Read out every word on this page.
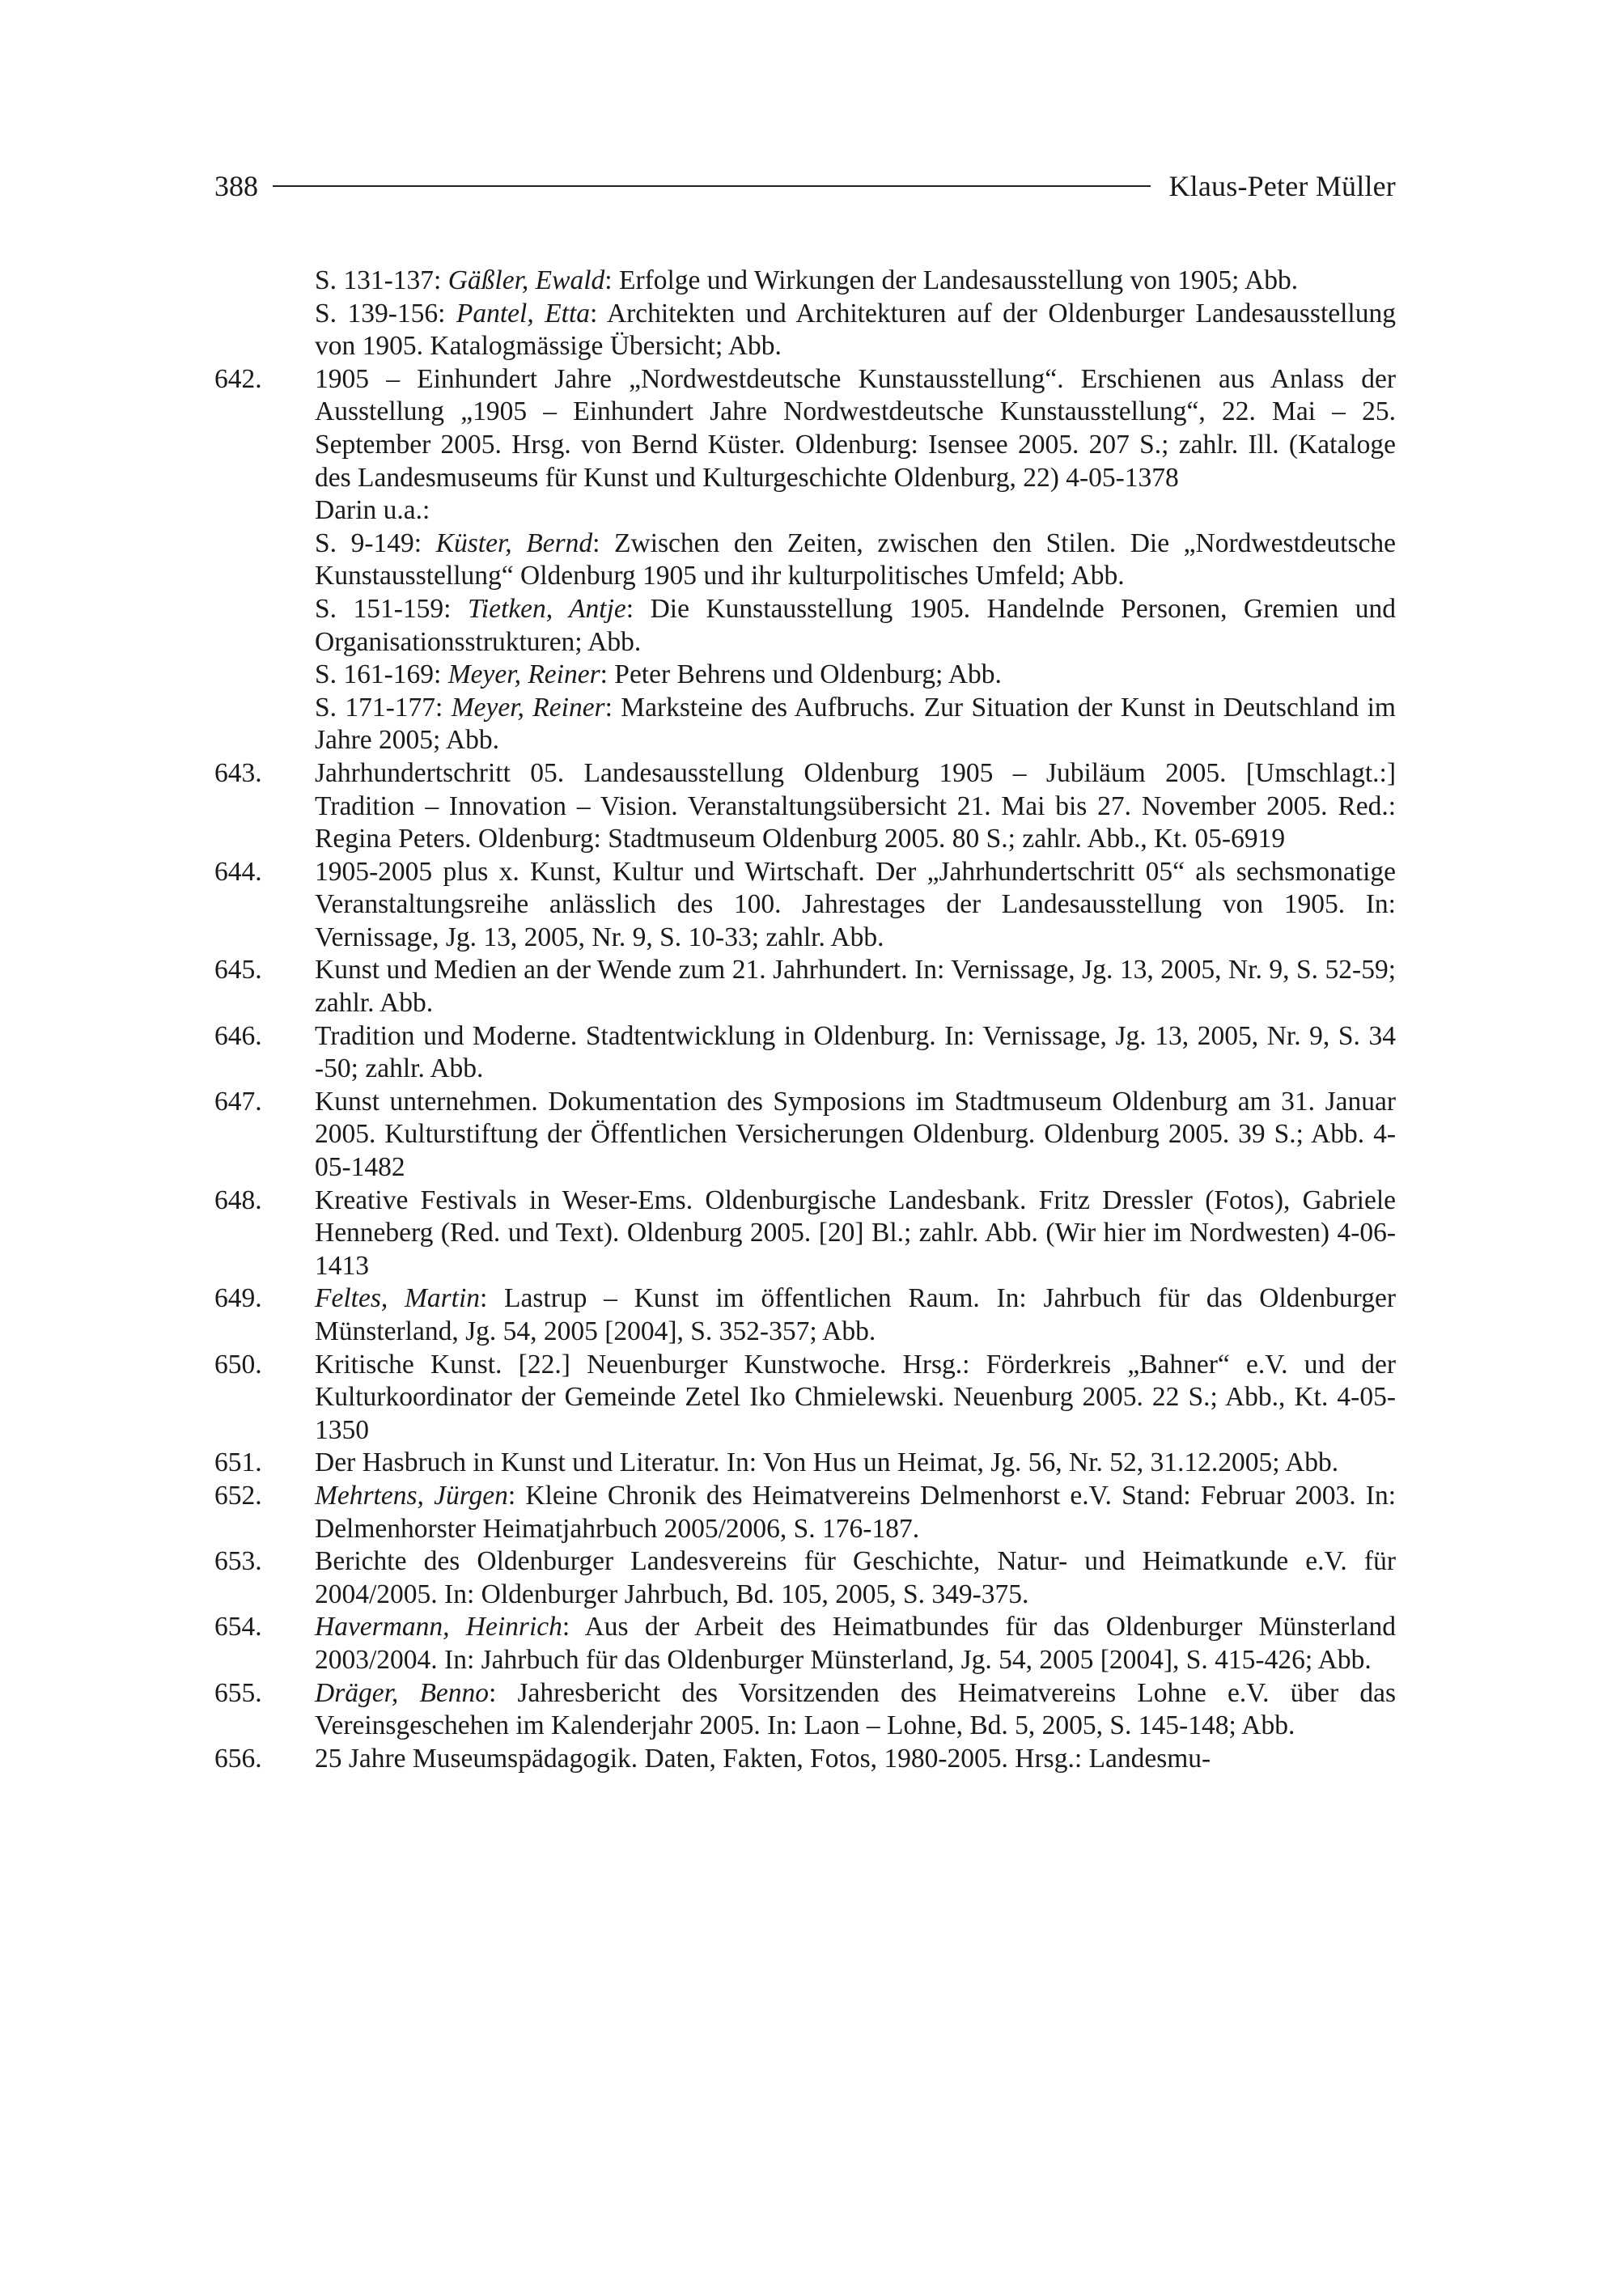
388	Klaus-Peter Müller
S. 131-137: Gäßler, Ewald: Erfolge und Wirkungen der Landesausstellung von 1905; Abb.
S. 139-156: Pantel, Etta: Architekten und Architekturen auf der Oldenburger Landesausstellung von 1905. Katalogmässige Übersicht; Abb.
642.	1905 – Einhundert Jahre „Nordwestdeutsche Kunstausstellung“. Erschienen aus Anlass der Ausstellung „1905 – Einhundert Jahre Nordwestdeutsche Kunstausstellung“, 22. Mai – 25. September 2005. Hrsg. von Bernd Küster. Oldenburg: Isensee 2005. 207 S.; zahlr. Ill. (Kataloge des Landesmuseums für Kunst und Kulturgeschichte Oldenburg, 22) 4-05-1378
Darin u.a.:
S. 9-149: Küster, Bernd: Zwischen den Zeiten, zwischen den Stilen. Die „Nordwestdeutsche Kunstausstellung“ Oldenburg 1905 und ihr kulturpolitisches Umfeld; Abb.
S. 151-159: Tietken, Antje: Die Kunstausstellung 1905. Handelnde Personen, Gremien und Organisationsstrukturen; Abb.
S. 161-169: Meyer, Reiner: Peter Behrens und Oldenburg; Abb.
S. 171-177: Meyer, Reiner: Marksteine des Aufbruchs. Zur Situation der Kunst in Deutschland im Jahre 2005; Abb.
643.	Jahrhundertschritt 05. Landesausstellung Oldenburg 1905 – Jubiläum 2005. [Umschlagt.:] Tradition – Innovation – Vision. Veranstaltungsübersicht 21. Mai bis 27. November 2005. Red.: Regina Peters. Oldenburg: Stadtmuseum Oldenburg 2005. 80 S.; zahlr. Abb., Kt. 05-6919
644.	1905-2005 plus x. Kunst, Kultur und Wirtschaft. Der „Jahrhundertschritt 05“ als sechsmonatige Veranstaltungsreihe anlässlich des 100. Jahrestages der Landesausstellung von 1905. In: Vernissage, Jg. 13, 2005, Nr. 9, S. 10-33; zahlr. Abb.
645.	Kunst und Medien an der Wende zum 21. Jahrhundert. In: Vernissage, Jg. 13, 2005, Nr. 9, S. 52-59; zahlr. Abb.
646.	Tradition und Moderne. Stadtentwicklung in Oldenburg. In: Vernissage, Jg. 13, 2005, Nr. 9, S. 34 -50; zahlr. Abb.
647.	Kunst unternehmen. Dokumentation des Symposions im Stadtmuseum Oldenburg am 31. Januar 2005. Kulturstiftung der Öffentlichen Versicherungen Oldenburg. Oldenburg 2005. 39 S.; Abb. 4-05-1482
648.	Kreative Festivals in Weser-Ems. Oldenburgische Landesbank. Fritz Dressler (Fotos), Gabriele Henneberg (Red. und Text). Oldenburg 2005. [20] Bl.; zahlr. Abb. (Wir hier im Nordwesten) 4-06-1413
649.	Feltes, Martin: Lastrup – Kunst im öffentlichen Raum. In: Jahrbuch für das Oldenburger Münsterland, Jg. 54, 2005 [2004], S. 352-357; Abb.
650.	Kritische Kunst. [22.] Neuenburger Kunstwoche. Hrsg.: Förderkreis „Bahner“ e.V. und der Kulturkoordinator der Gemeinde Zetel Iko Chmielewski. Neuenburg 2005. 22 S.; Abb., Kt. 4-05-1350
651.	Der Hasbruch in Kunst und Literatur. In: Von Hus un Heimat, Jg. 56, Nr. 52, 31.12.2005; Abb.
652.	Mehrtens, Jürgen: Kleine Chronik des Heimatvereins Delmenhorst e.V. Stand: Februar 2003. In: Delmenhorster Heimatjahrbuch 2005/2006, S. 176-187.
653.	Berichte des Oldenburger Landesvereins für Geschichte, Natur- und Heimatkunde e.V. für 2004/2005. In: Oldenburger Jahrbuch, Bd. 105, 2005, S. 349-375.
654.	Havermann, Heinrich: Aus der Arbeit des Heimatbundes für das Oldenburger Münsterland 2003/2004. In: Jahrbuch für das Oldenburger Münsterland, Jg. 54, 2005 [2004], S. 415-426; Abb.
655.	Dräger, Benno: Jahresbericht des Vorsitzenden des Heimatvereins Lohne e.V. über das Vereinsgeschehen im Kalenderjahr 2005. In: Laon – Lohne, Bd. 5, 2005, S. 145-148; Abb.
656.	25 Jahre Museumspädagogik. Daten, Fakten, Fotos, 1980-2005. Hrsg.: Landesmu-
